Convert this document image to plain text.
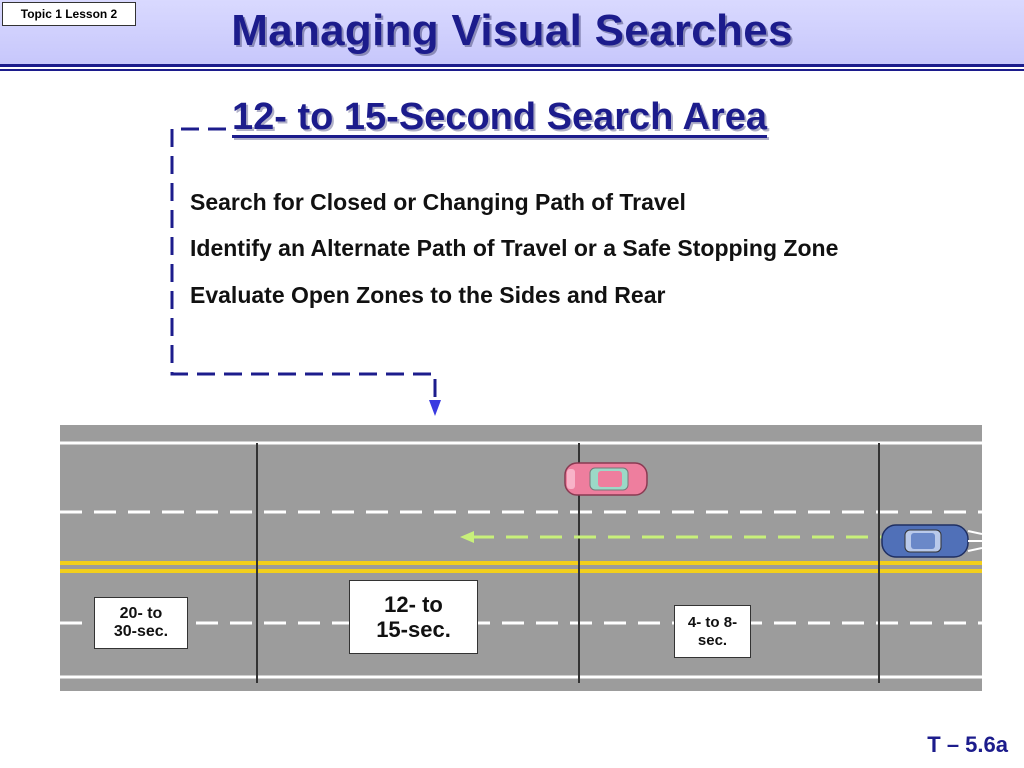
Topic 1 Lesson 2	Managing Visual Searches
12- to 15-Second Search Area
Search for Closed or Changing Path of Travel
Identify an Alternate Path of Travel or a Safe Stopping Zone
Evaluate Open Zones to the Sides and Rear
20- to
30-sec.
12- to
15-sec.	4- to 8-
sec.
T – 5.6a
